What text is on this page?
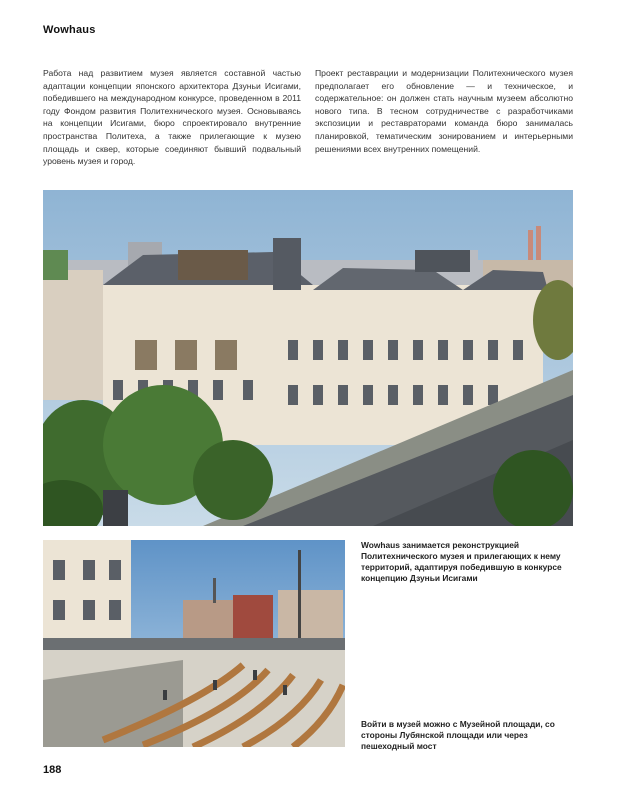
Wowhaus
Работа над развитием музея является составной частью адаптации концепции японского архитектора Дзуньи Исигами, победившего на международном конкурсе, проведенном в 2011 году Фондом развития Политехнического музея. Основываясь на концепции Исигами, бюро спроектировало внутренние пространства Политеха, а также прилегающие к музею площадь и сквер, которые соединяют бывший подвальный уровень музея и город.
Проект реставрации и модернизации Политехнического музея предполагает его обновление — и техническое, и содержательное: он должен стать научным музеем абсолютно нового типа. В тесном сотрудничестве с разработчиками экспозиции и реставраторами команда бюро занималась планировкой, тематическим зонированием и интерьерными решениями всех внутренних помещений.
Wowhaus занимается реконструкцией Политехнического музея и прилегающих к нему территорий, адаптируя победившую в конкурсе концепцию Дзуньи Исигами
Войти в музей можно с Музейной площади, со стороны Лубянской площади или через пешеходный мост
188
